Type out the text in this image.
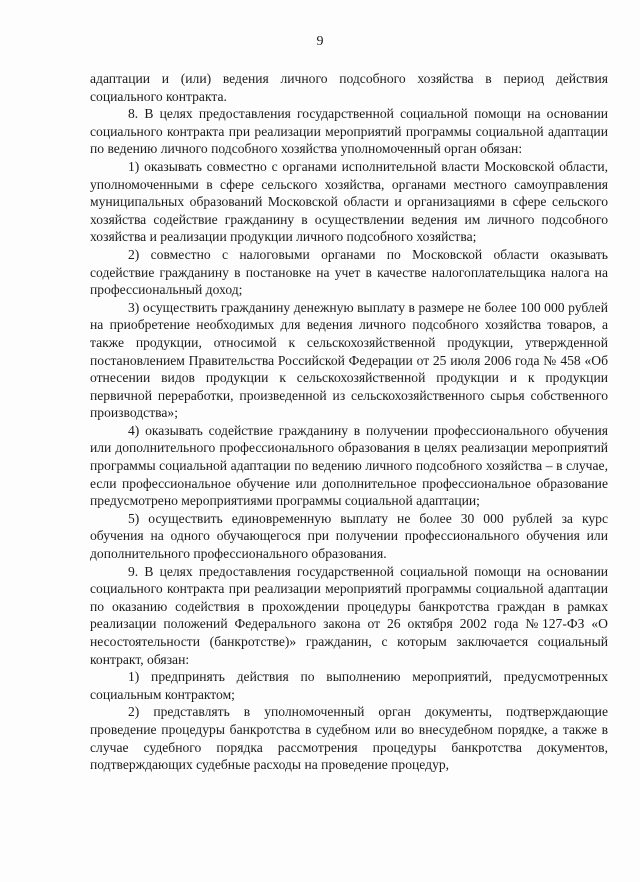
9

адаптации и (или) ведения личного подсобного хозяйства в период действия социального контракта.

8. В целях предоставления государственной социальной помощи на основании социального контракта при реализации мероприятий программы социальной адаптации по ведению личного подсобного хозяйства уполномоченный орган обязан:

1) оказывать совместно с органами исполнительной власти Московской области, уполномоченными в сфере сельского хозяйства, органами местного самоуправления муниципальных образований Московской области и организациями в сфере сельского хозяйства содействие гражданину в осуществлении ведения им личного подсобного хозяйства и реализации продукции личного подсобного хозяйства;

2) совместно с налоговыми органами по Московской области оказывать содействие гражданину в постановке на учет в качестве налогоплательщика налога на профессиональный доход;

3) осуществить гражданину денежную выплату в размере не более 100 000 рублей на приобретение необходимых для ведения личного подсобного хозяйства товаров, а также продукции, относимой к сельскохозяйственной продукции, утвержденной постановлением Правительства Российской Федерации от 25 июля 2006 года № 458 «Об отнесении видов продукции к сельскохозяйственной продукции и к продукции первичной переработки, произведенной из сельскохозяйственного сырья собственного производства»;

4) оказывать содействие гражданину в получении профессионального обучения или дополнительного профессионального образования в целях реализации мероприятий программы социальной адаптации по ведению личного подсобного хозяйства – в случае, если профессиональное обучение или дополнительное профессиональное образование предусмотрено мероприятиями программы социальной адаптации;

5) осуществить единовременную выплату не более 30 000 рублей за курс обучения на одного обучающегося при получении профессионального обучения или дополнительного профессионального образования.

9. В целях предоставления государственной социальной помощи на основании социального контракта при реализации мероприятий программы социальной адаптации по оказанию содействия в прохождении процедуры банкротства граждан в рамках реализации положений Федерального закона от 26 октября 2002 года №127-ФЗ «О несостоятельности (банкротстве)» гражданин, с которым заключается социальный контракт, обязан:

1) предпринять действия по выполнению мероприятий, предусмотренных социальным контрактом;

2) представлять в уполномоченный орган документы, подтверждающие проведение процедуры банкротства в судебном или во внесудебном порядке, а также в случае судебного порядка рассмотрения процедуры банкротства документов, подтверждающих судебные расходы на проведение процедур,
